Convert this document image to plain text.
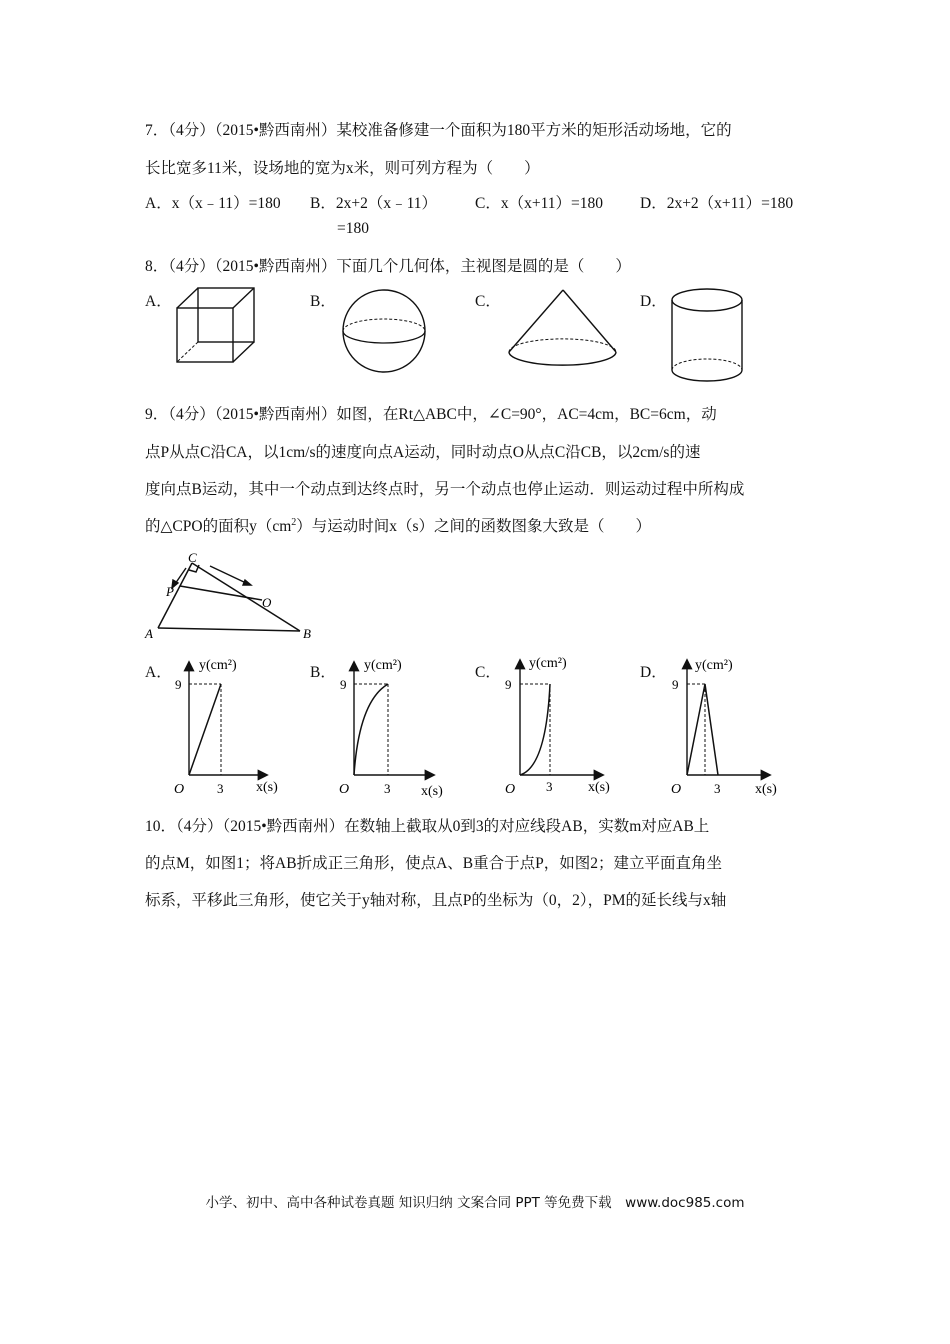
7．（4分）（2015•黔西南州）某校准备修建一个面积为180平方米的矩形活动场地，它的
长比宽多11米，设场地的宽为x米，则可列方程为（　　）
A．x（x﹣11）=180 B．2x+2（x﹣11）
=180
C．x（x+11）=180 D．2x+2（x+11）=180
8．（4分）（2015•黔西南州）下面几个几何体，主视图是圆的是（　　）
A．	B．	C．	D．
9．（4分）（2015•黔西南州）如图，在Rt△ABC中，∠C=90°，AC=4cm，BC=6cm，动
点P从点C沿CA，以1cm/s的速度向点A运动，同时动点O从点C沿CB，以2cm/s的速
度向点B运动，其中一个动点到达终点时，另一个动点也停止运动．则运动过程中所构成
的△CPO的面积$y(cm^2)$与运动时间x（s）之间的函数图象大致是（　　）
C
P
O
A	B
A．	B．	C．	D．
y(cm²)
9
O	3 x(s)
y(cm²)
9
O	3 x(s)
y(cm²)
9
O 3	x(s)
y(cm²)
9
O	3 x(s)
10．（4分）（2015•黔西南州）在数轴上截取从0到3的对应线段AB，实数m对应AB上
的点M，如图1；将AB折成正三角形，使点A、B重合于点P，如图2；建立平面直角坐
标系，平移此三角形，使它关于y轴对称，且点P的坐标为（0，2），PM的延长线与x轴
小学、初中、高中各种试卷真题 知识归纳 文案合同 PPT 等免费下载　www.doc985.com
